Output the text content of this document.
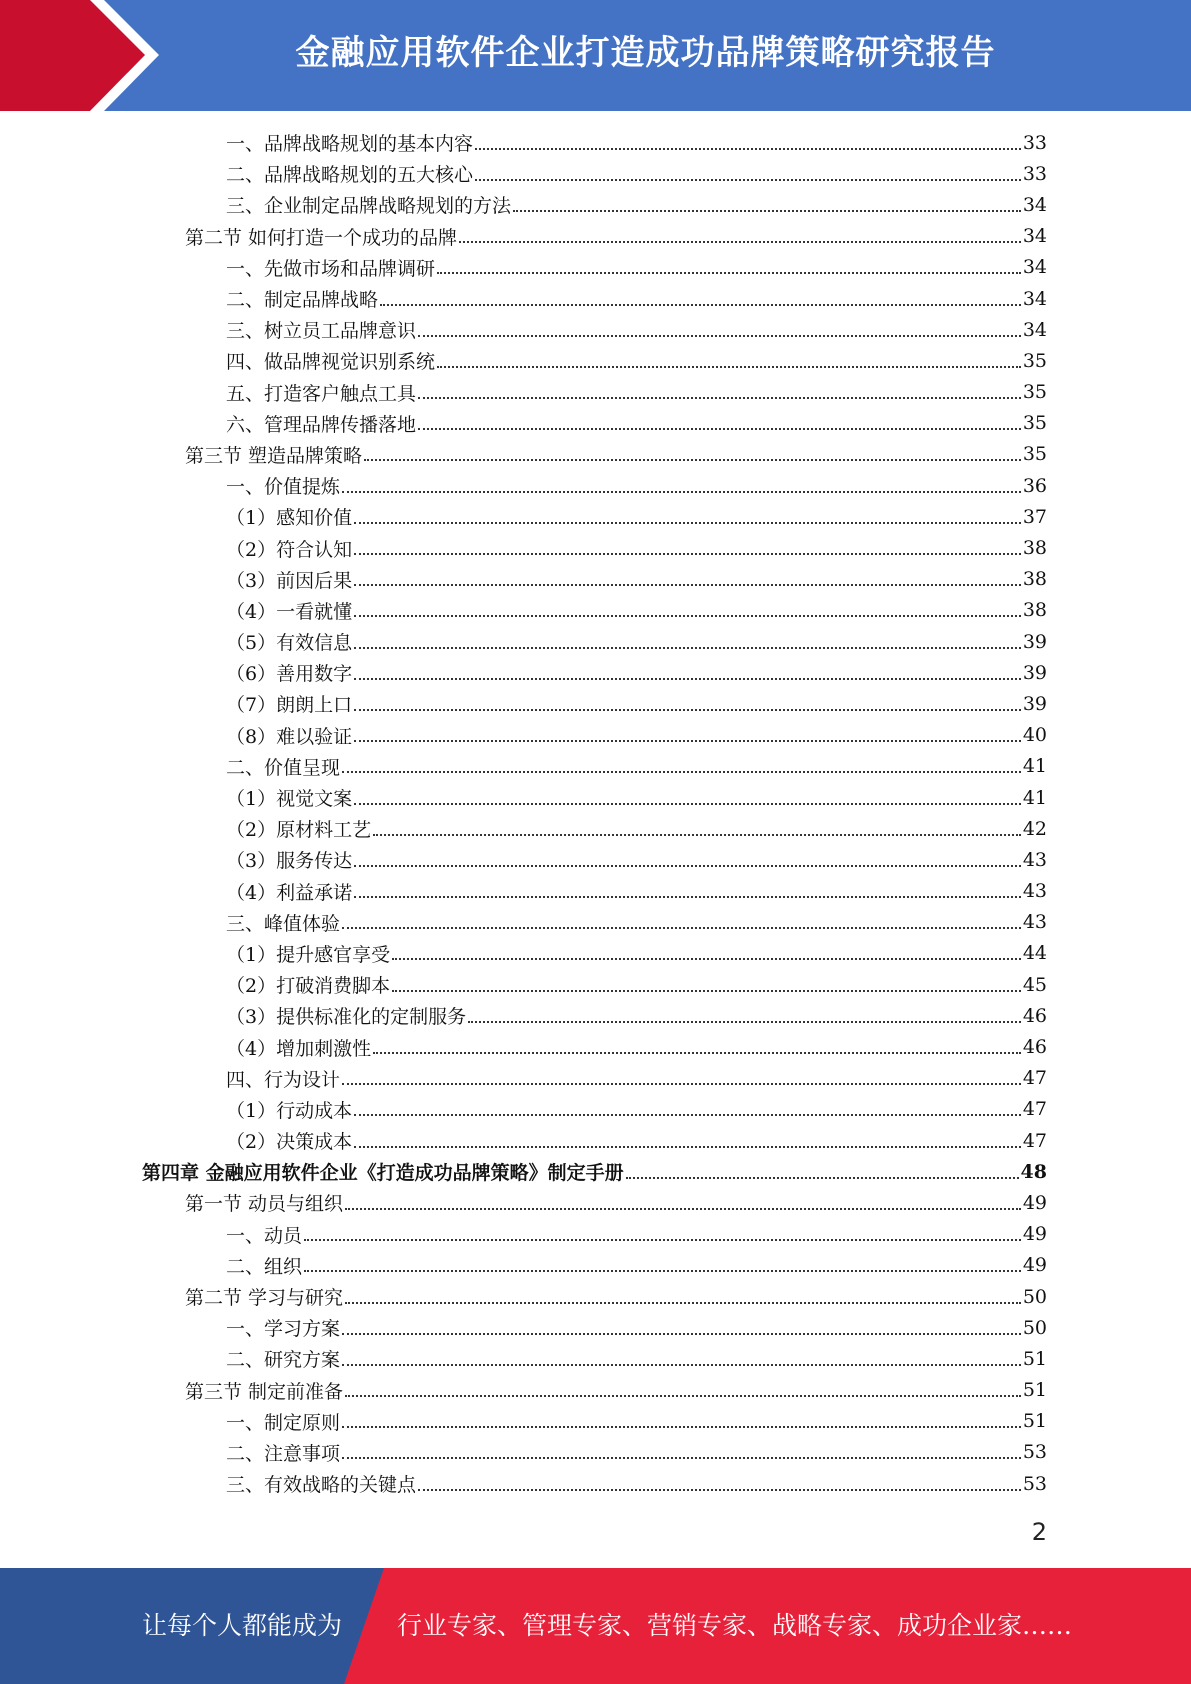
金融应用软件企业打造成功品牌策略研究报告
一、品牌战略规划的基本内容	33
二、品牌战略规划的五大核心	33
三、企业制定品牌战略规划的方法	34
第二节 如何打造一个成功的品牌	34
一、先做市场和品牌调研	34
二、制定品牌战略	34
三、树立员工品牌意识	34
四、做品牌视觉识别系统	35
五、打造客户触点工具	35
六、管理品牌传播落地	35
第三节 塑造品牌策略	35
一、价值提炼	36
（1）感知价值	37
（2）符合认知	38
（3）前因后果	38
（4）一看就懂	38
（5）有效信息	39
（6）善用数字	39
（7）朗朗上口	39
（8）难以验证	40
二、价值呈现	41
（1）视觉文案	41
（2）原材料工艺	42
（3）服务传达	43
（4）利益承诺	43
三、峰值体验	43
（1）提升感官享受	44
（2）打破消费脚本	45
（3）提供标准化的定制服务	46
（4）增加刺激性	46
四、行为设计	47
（1）行动成本	47
（2）决策成本	47
第四章 金融应用软件企业《打造成功品牌策略》制定手册	48
第一节 动员与组织	49
一、动员	49
二、组织	49
第二节 学习与研究	50
一、学习方案	50
二、研究方案	51
第三节 制定前准备	51
一、制定原则	51
二、注意事项	53
三、有效战略的关键点	53
2
让每个人都能成为 行业专家、管理专家、营销专家、战略专家、成功企业家……
